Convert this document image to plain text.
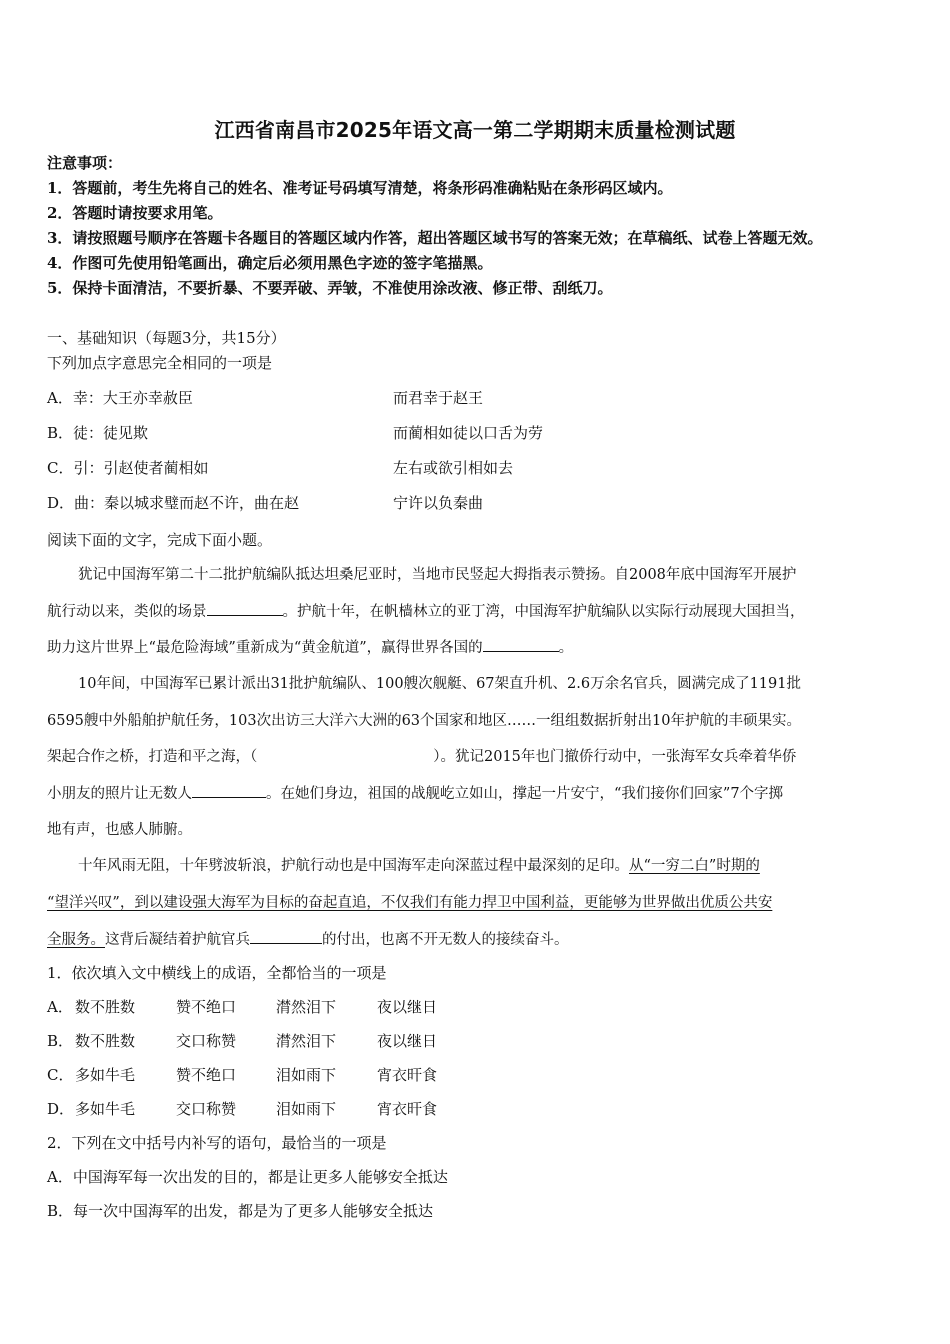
江西省南昌市2025年语文高一第二学期期末质量检测试题
注意事项：
1．答题前，考生先将自己的姓名、准考证号码填写清楚，将条形码准确粘贴在条形码区域内。
2．答题时请按要求用笔。
3．请按照题号顺序在答题卡各题目的答题区域内作答，超出答题区域书写的答案无效；在草稿纸、试卷上答题无效。
4．作图可先使用铅笔画出，确定后必须用黑色字迹的签字笔描黑。
5．保持卡面清洁，不要折暴、不要弄破、弄皱，不准使用涂改液、修正带、刮纸刀。
一、基础知识（每题3分，共15分）
下列加点字意思完全相同的一项是
A．幸：大王亦幸赦臣	而君幸于赵王
B．徒：徒见欺	而蔺相如徒以口舌为劳
C．引：引赵使者蔺相如	左右或欲引相如去
D．曲：秦以城求璧而赵不许，曲在赵	宁许以负秦曲
阅读下面的文字，完成下面小题。
犹记中国海军第二十二批护航编队抵达坦桑尼亚时，当地市民竖起大拇指表示赞扬。自2008年底中国海军开展护
航行动以来，类似的场景	。护航十年，在帆樯林立的亚丁湾，中国海军护航编队以实际行动展现大国担当，
助力这片世界上“最危险海域”重新成为“黄金航道”，赢得世界各国的	。
10年间，中国海军已累计派出31批护航编队、100艘次舰艇、67架直升机、2.6万余名官兵，圆满完成了1191批
6595艘中外船舶护航任务，103次出访三大洋六大洲的63个国家和地区……一组组数据折射出10年护航的丰硕果实。
架起合作之桥，打造和平之海，（	）。犹记2015年也门撤侨行动中，一张海军女兵牵着华侨
小朋友的照片让无数人	。在她们身边，祖国的战舰屹立如山，撑起一片安宁，“我们接你们回家”7个字掷
地有声，也感人肺腑。
十年风雨无阻，十年劈波斩浪，护航行动也是中国海军走向深蓝过程中最深刻的足印。从“一穷二白”时期的
“望洋兴叹”，到以建设强大海军为目标的奋起直追，不仅我们有能力捍卫中国利益，更能够为世界做出优质公共安
全服务。这背后凝结着护航官兵	的付出，也离不开无数人的接续奋斗。
1．依次填入文中横线上的成语，全都恰当的一项是
A． 数不胜数	赞不绝口	潸然泪下	夜以继日
B． 数不胜数	交口称赞	潸然泪下	夜以继日
C． 多如牛毛	赞不绝口	泪如雨下	宵衣旰食
D． 多如牛毛	交口称赞	泪如雨下	宵衣旰食
2．下列在文中括号内补写的语句，最恰当的一项是
A．中国海军每一次出发的目的，都是让更多人能够安全抵达
B．每一次中国海军的出发，都是为了更多人能够安全抵达
